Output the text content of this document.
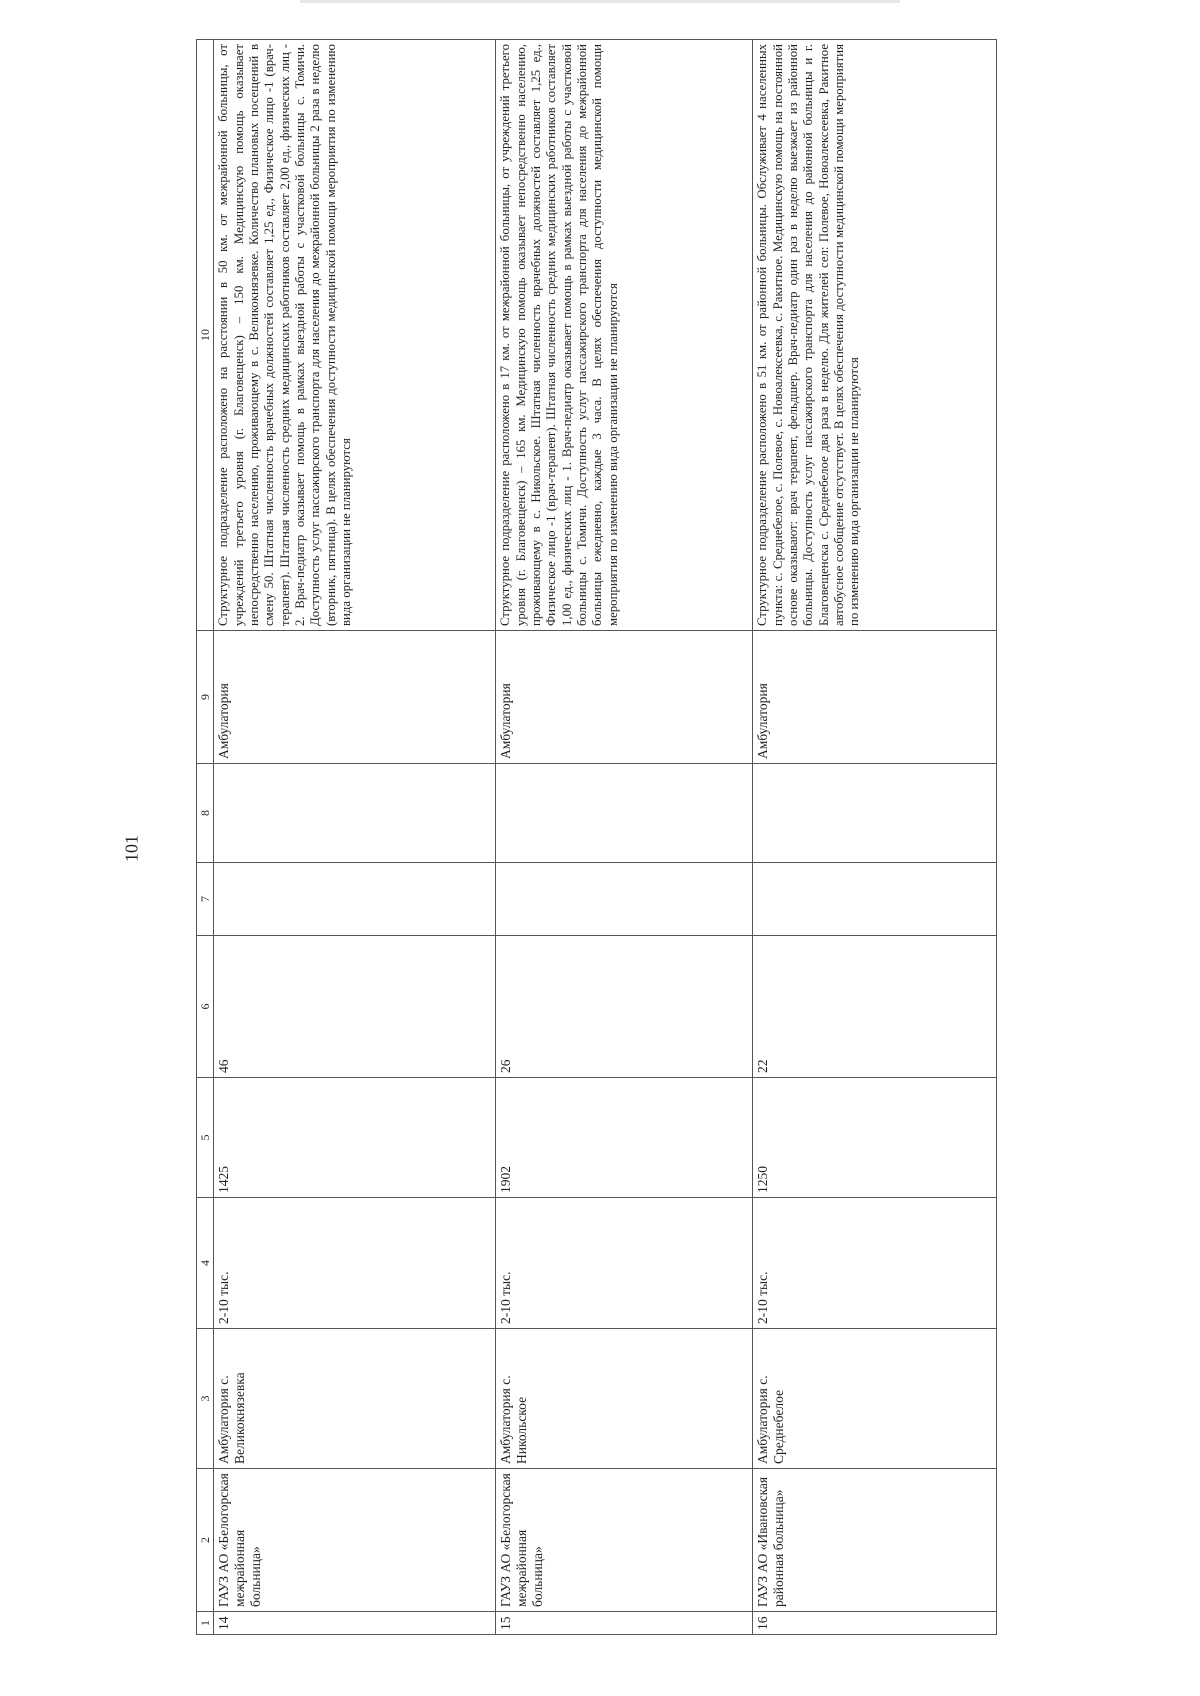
101
1	2	3	4	5	6	7	8	9	10
14	ГАУЗ АО «Белогорская межрайонная больница»	Амбулатория с. Великокнязевка	2-10 тыс.	1425	46			Амбулатория	Структурное подразделение расположено на расстоянии в 50 км. от межрайонной больницы, от учреждений третьего уровня (г. Благовещенск) – 150 км. Медицинскую помощь оказывает непосредственно населению, проживающему в с. Великокнязевке. Количество плановых посещений в смену 50. Штатная численность врачебных должностей составляет 1,25 ед., Физическое лицо -1 (врач-терапевт). Штатная численность средних медицинских работников составляет 2,00 ед., физических лиц - 2. Врач-педиатр оказывает помощь в рамках выездной работы с участковой больницы с. Томичи. Доступность услуг пассажирского транспорта для населения до межрайонной больницы 2 раза в неделю (вторник, пятница). В целях обеспечения доступности медицинской помощи мероприятия по изменению вида организации не планируются
15	ГАУЗ АО «Белогорская межрайонная больница»	Амбулатория с. Никольское	2-10 тыс.	1902	26			Амбулатория	Структурное подразделение расположено в 17 км. от межрайонной больницы, от учреждений третьего уровня (г. Благовещенск) – 165 км. Медицинскую помощь оказывает непосредственно населению, проживающему в с. Никольское. Штатная численность врачебных должностей составляет 1,25 ед., Физическое лицо -1 (врач-терапевт). Штатная численность средних медицинских работников составляет 1,00 ед., физических лиц - 1. Врач-педиатр оказывает помощь в рамках выездной работы с участковой больницы с. Томичи. Доступность услуг пассажирского транспорта для населения до межрайонной больницы ежедневно, каждые 3 часа. В целях обеспечения доступности медицинской помощи мероприятия по изменению вида организации не планируются
16	ГАУЗ АО «Ивановская районная больница»	Амбулатория с. Среднебелое	2-10 тыс.	1250	22			Амбулатория	Структурное подразделение расположено в 51 км. от районной больницы. Обслуживает 4 населенных пункта: с. Среднебелое, с. Полевое, с. Новоалексеевка, с. Ракитное. Медицинскую помощь на постоянной основе оказывают: врач терапевт, фельдшер. Врач-педиатр один раз в неделю выезжает из районной больницы. Доступность услуг пассажирского транспорта для населения до районной больницы и г. Благовещенска с. Среднебелое два раза в неделю. Для жителей сел: Полевое, Новоалексеевка, Ракитное автобусное сообщение отсутствует. В целях обеспечения доступности медицинской помощи мероприятия по изменению вида организации не планируются
